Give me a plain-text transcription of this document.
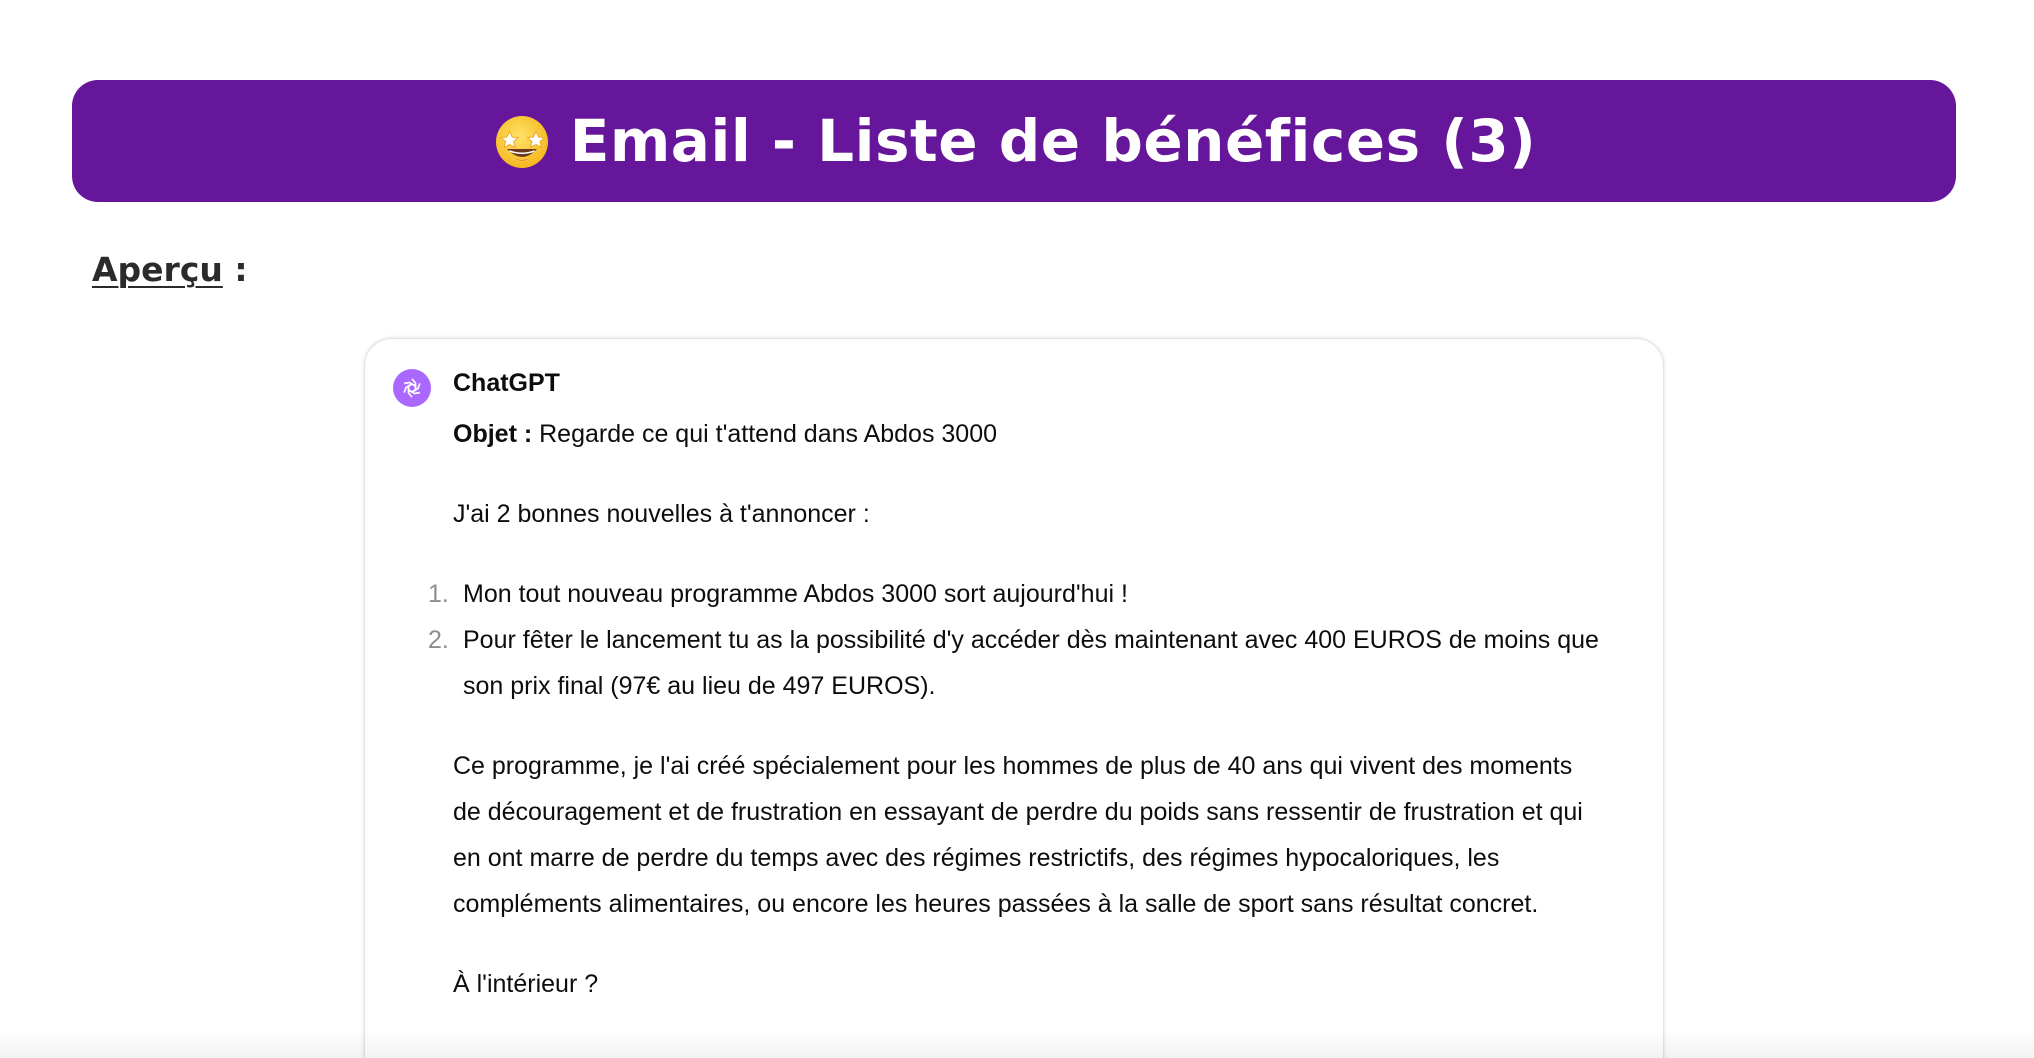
Email - Liste de bénéfices (3)
Aperçu :
ChatGPT

Objet : Regarde ce qui t'attend dans Abdos 3000

J'ai 2 bonnes nouvelles à t'annoncer :

1. Mon tout nouveau programme Abdos 3000 sort aujourd'hui !
2. Pour fêter le lancement tu as la possibilité d'y accéder dès maintenant avec 400 EUROS de moins que son prix final (97€ au lieu de 497 EUROS).

Ce programme, je l'ai créé spécialement pour les hommes de plus de 40 ans qui vivent des moments de découragement et de frustration en essayant de perdre du poids sans ressentir de frustration et qui en ont marre de perdre du temps avec des régimes restrictifs, des régimes hypocaloriques, les compléments alimentaires, ou encore les heures passées à la salle de sport sans résultat concret.

À l'intérieur ?
